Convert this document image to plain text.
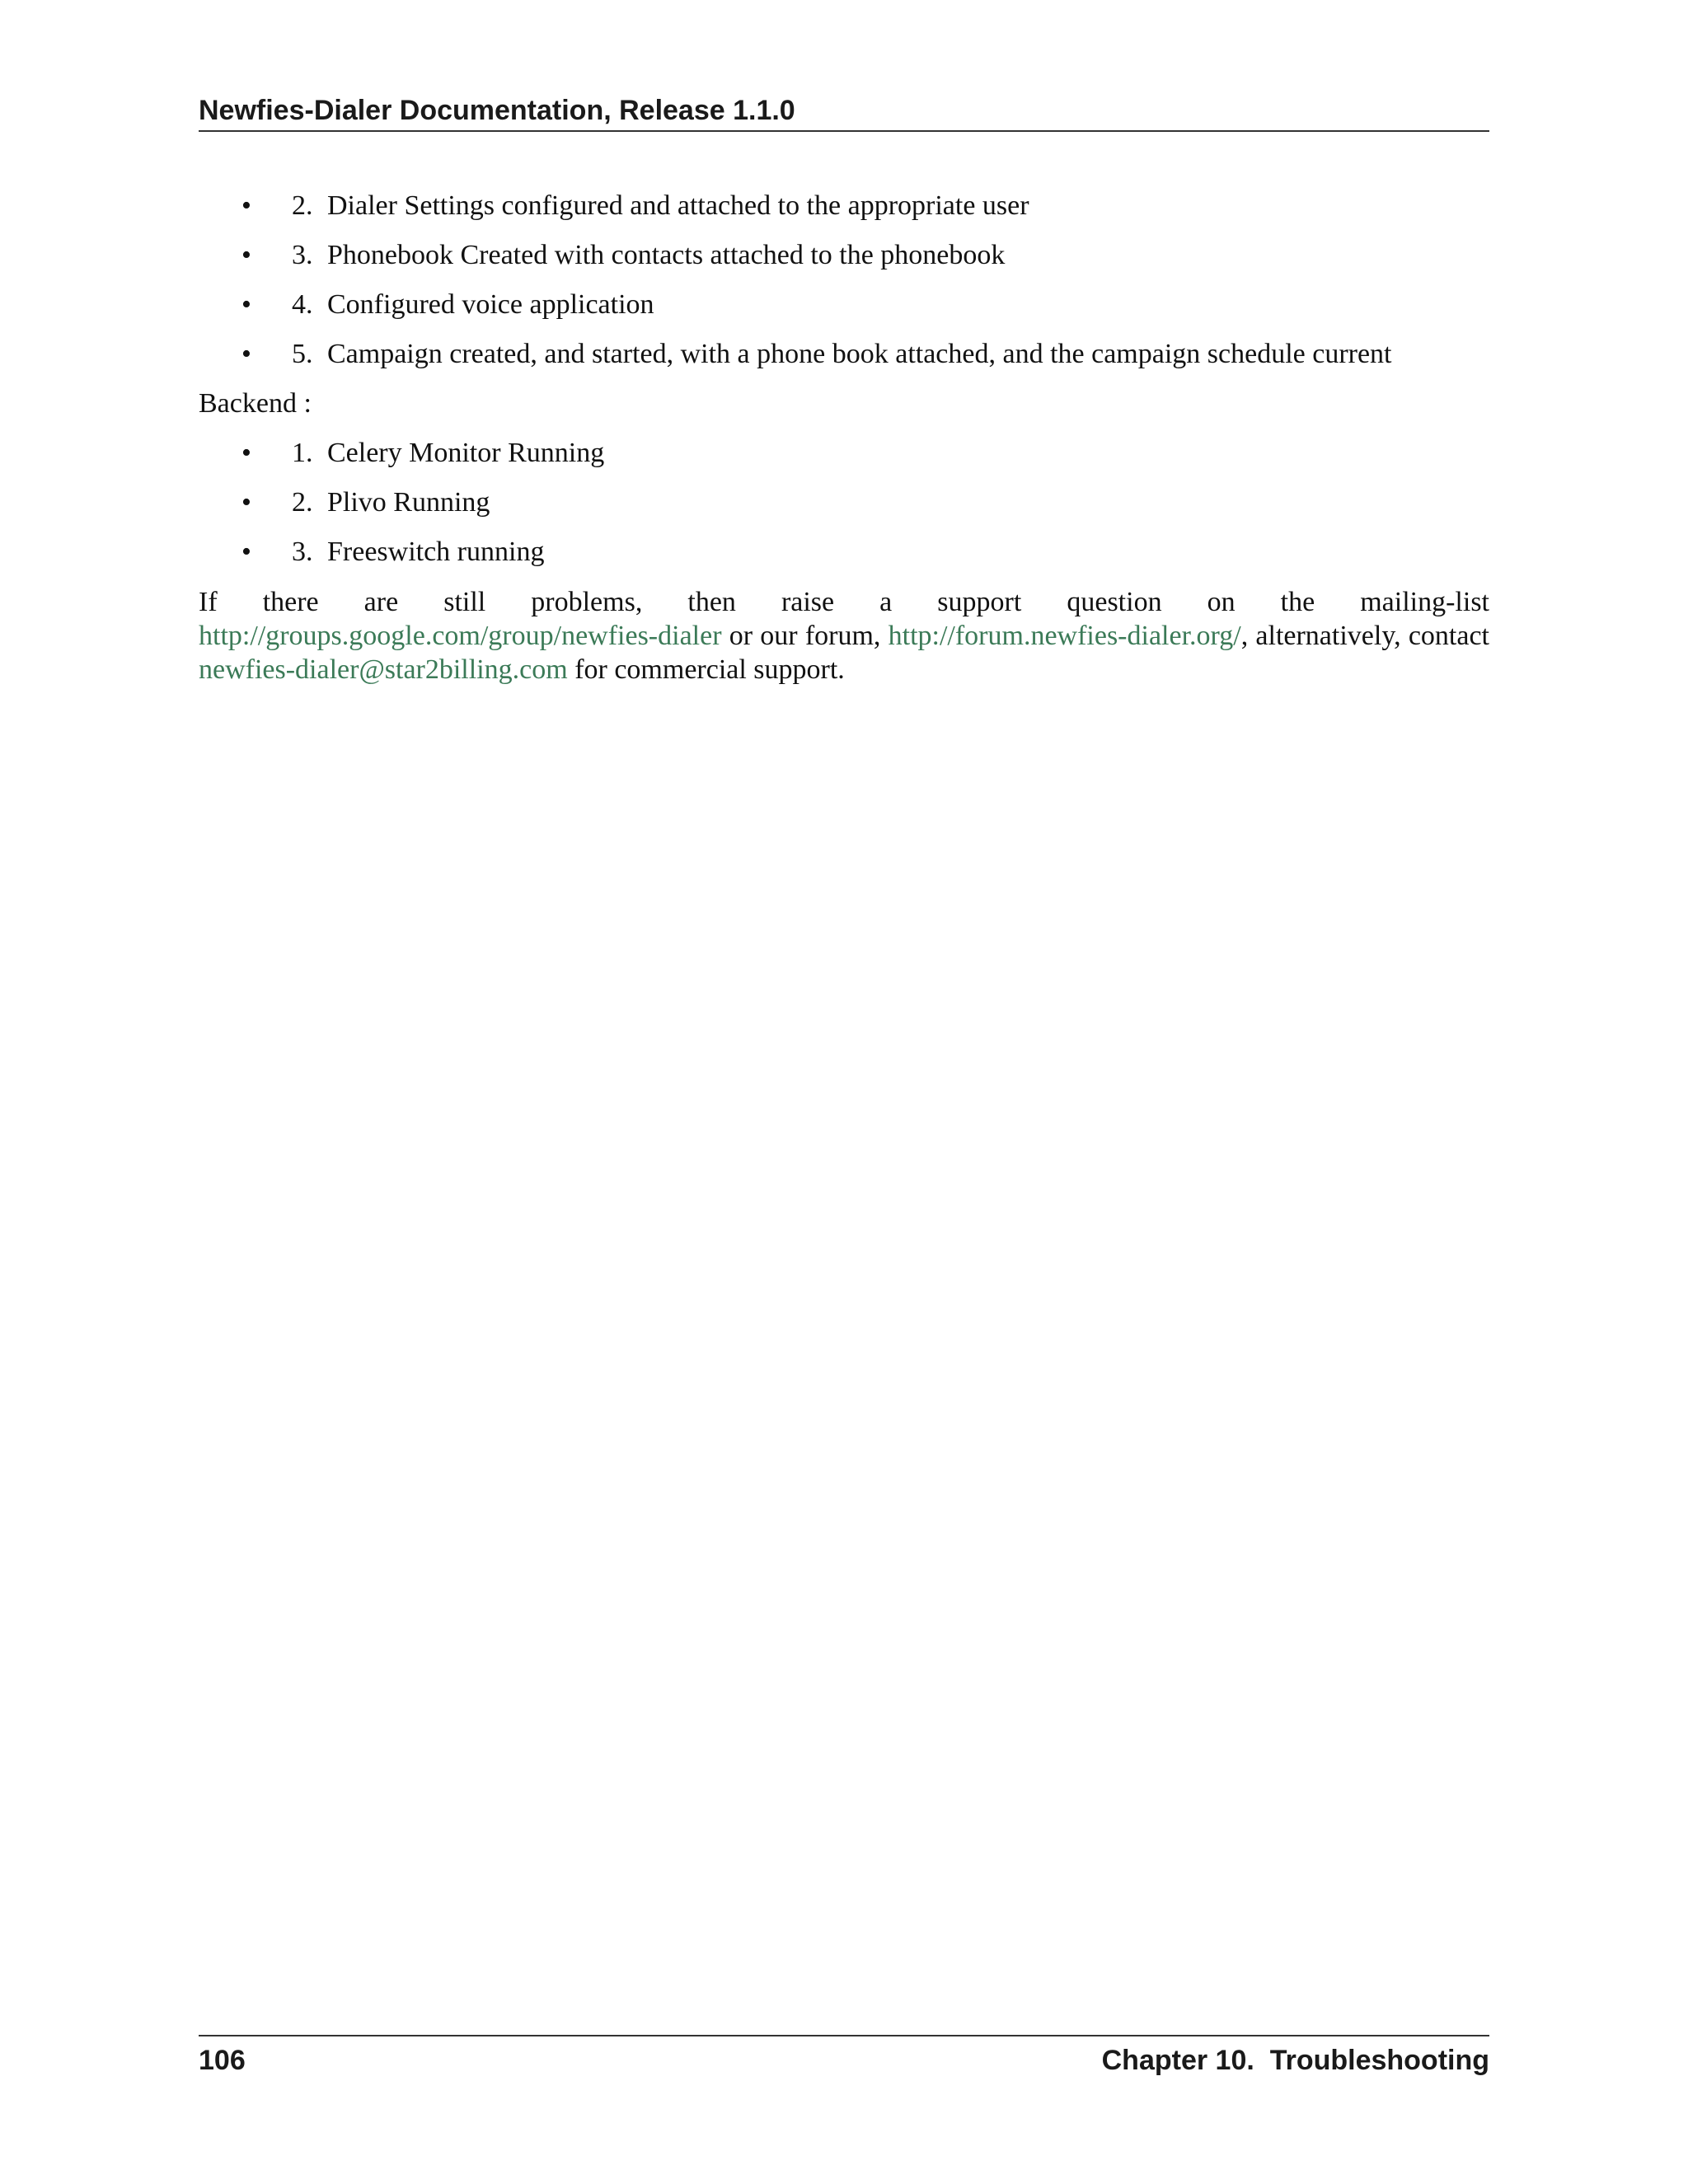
Newfies-Dialer Documentation, Release 1.1.0
• 2. Dialer Settings configured and attached to the appropriate user
• 3. Phonebook Created with contacts attached to the phonebook
• 4. Configured voice application
• 5. Campaign created, and started, with a phone book attached, and the campaign schedule current
Backend :
• 1. Celery Monitor Running
• 2. Plivo Running
• 3. Freeswitch running
If there are still problems, then raise a support question on the mailing-list http://groups.google.com/group/newfies-dialer or our forum, http://forum.newfies-dialer.org/, alternatively, contact newfies-dialer@star2billing.com for commercial support.
106	Chapter 10.  Troubleshooting
